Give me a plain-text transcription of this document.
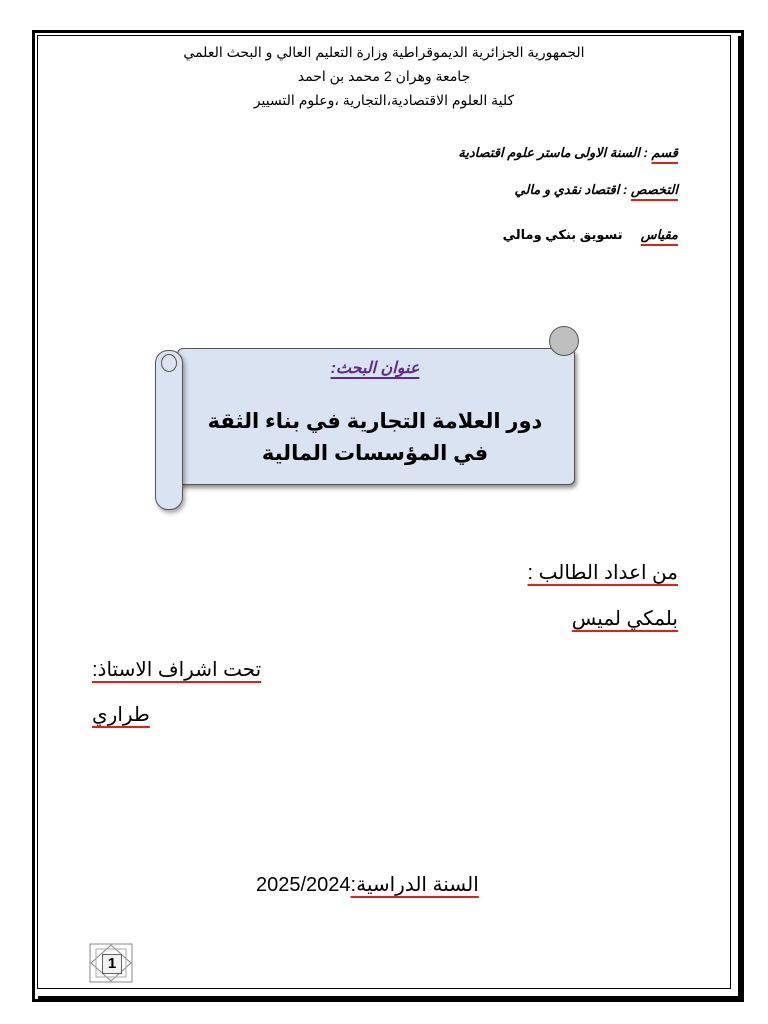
الجمهورية الجزائرية الديموقراطية وزارة التعليم العالي و البحث العلمي
جامعة وهران 2 محمد بن احمد
كلية العلوم الاقتصادية،التجارية ،وعلوم التسيير
قسم : السنة الاولى ماستر علوم اقتصادية
التخصص : اقتصاد نقدي و مالي
مقياس     تسويق بنكي ومالي
عنوان البحث:
دور العلامة التجارية في بناء الثقة
في المؤسسات المالية
من اعداد الطالب :
بلمكي لميس
تحت اشراف الاستاذ:
طراري
2025/2024السنة الدراسية:
1
